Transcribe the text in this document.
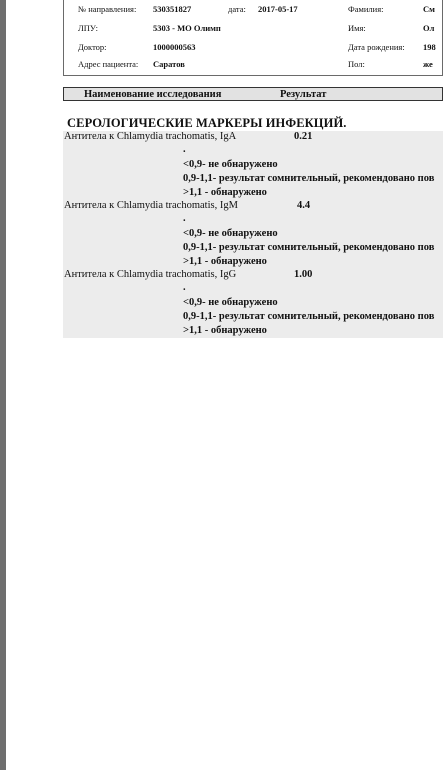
№ направления: 530351827	дата: 2017-05-17	Фамилия:	См
ЛПУ:	5303 - МО Олимп	Имя:	Ол
Доктор:	1000000563	Дата рождения: 198
Адрес пациента: Саратов	Пол:	же
Наименование исследования	Результат
СЕРОЛОГИЧЕСКИЕ МАРКЕРЫ ИНФЕКЦИЙ.
Антитела к Chlamydia trachomatis, IgA	0.21
.
<0,9- не обнаружено
0,9-1,1- результат сомнительный, рекомендовано пов
>1,1 - обнаружено
Антитела к Chlamydia trachomatis, IgM	4.4
.
<0,9- не обнаружено
0,9-1,1- результат сомнительный, рекомендовано пов
>1,1 - обнаружено
Антитела к Chlamydia trachomatis, IgG	1.00
.
<0,9- не обнаружено
0,9-1,1- результат сомнительный, рекомендовано пов
>1,1 - обнаружено
